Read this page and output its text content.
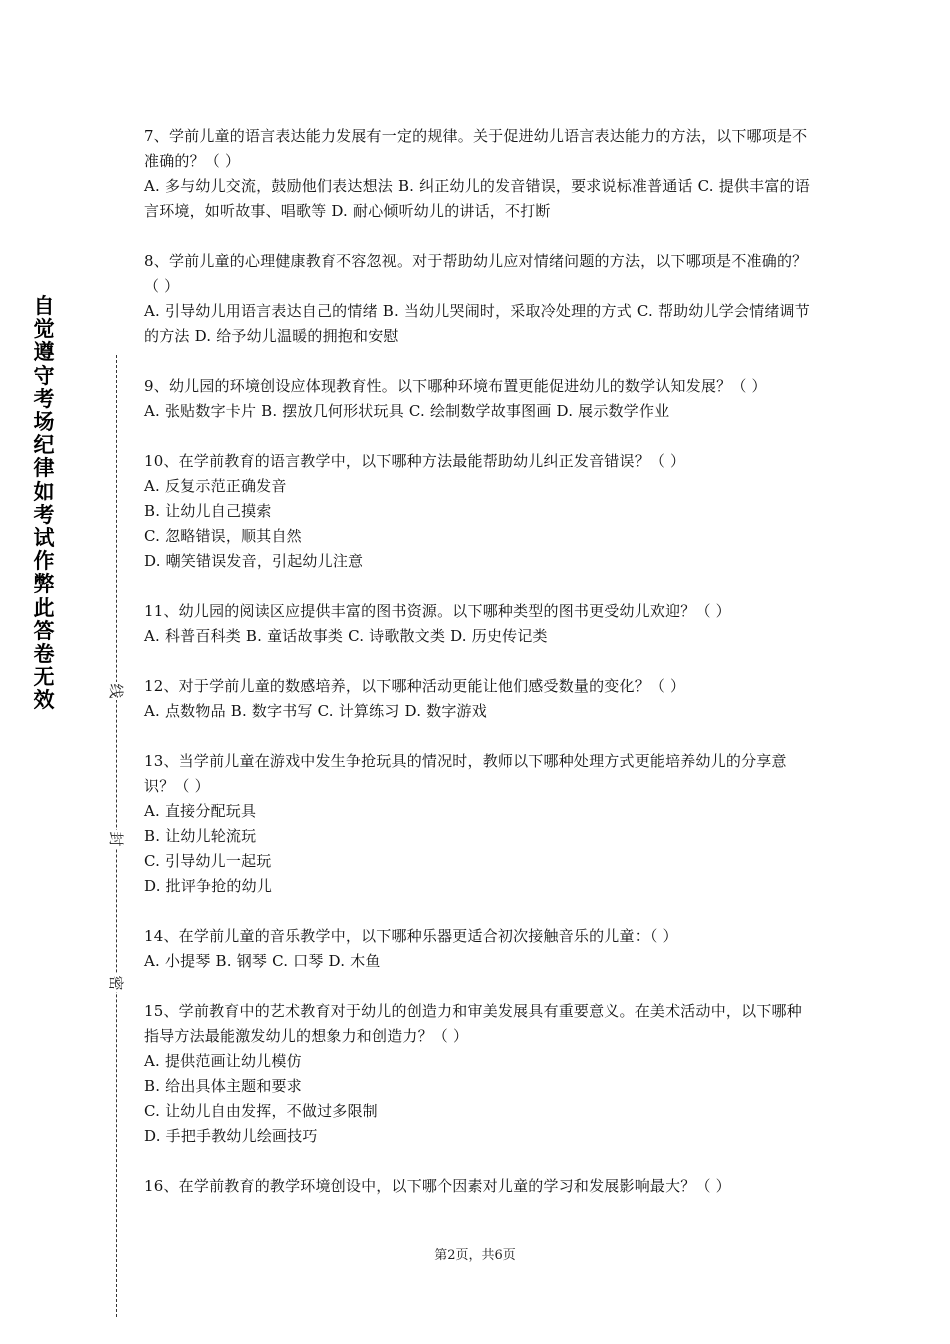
自觉遵守考场纪律如考试作弊此答卷无效	线
封
密

7、学前儿童的语言表达能力发展有一定的规律。关于促进幼儿语言表达能力的方法，以下哪项是不准确的？（ ）

A. 多与幼儿交流，鼓励他们表达想法 B. 纠正幼儿的发音错误，要求说标准普通话 C. 提供丰富的语言环境，如听故事、唱歌等 D. 耐心倾听幼儿的讲话，不打断

8、学前儿童的心理健康教育不容忽视。对于帮助幼儿应对情绪问题的方法，以下哪项是不准确的？（ ）

A. 引导幼儿用语言表达自己的情绪 B. 当幼儿哭闹时，采取冷处理的方式 C. 帮助幼儿学会情绪调节的方法 D. 给予幼儿温暖的拥抱和安慰

9、幼儿园的环境创设应体现教育性。以下哪种环境布置更能促进幼儿的数学认知发展？（ ）

A. 张贴数字卡片 B. 摆放几何形状玩具 C. 绘制数学故事图画 D. 展示数学作业

10、在学前教育的语言教学中，以下哪种方法最能帮助幼儿纠正发音错误？（ ）

A. 反复示范正确发音

B. 让幼儿自己摸索

C. 忽略错误，顺其自然

D. 嘲笑错误发音，引起幼儿注意

11、幼儿园的阅读区应提供丰富的图书资源。以下哪种类型的图书更受幼儿欢迎？（ ）

A. 科普百科类 B. 童话故事类 C. 诗歌散文类 D. 历史传记类

12、对于学前儿童的数感培养，以下哪种活动更能让他们感受数量的变化？（ ）

A. 点数物品 B. 数字书写 C. 计算练习 D. 数字游戏

13、当学前儿童在游戏中发生争抢玩具的情况时，教师以下哪种处理方式更能培养幼儿的分享意识？（ ）

A. 直接分配玩具

B. 让幼儿轮流玩

C. 引导幼儿一起玩

D. 批评争抢的幼儿

14、在学前儿童的音乐教学中，以下哪种乐器更适合初次接触音乐的儿童：（ ）

A. 小提琴 B. 钢琴 C. 口琴 D. 木鱼

15、学前教育中的艺术教育对于幼儿的创造力和审美发展具有重要意义。在美术活动中，以下哪种指导方法最能激发幼儿的想象力和创造力？（ ）

A. 提供范画让幼儿模仿

B. 给出具体主题和要求

C. 让幼儿自由发挥，不做过多限制

D. 手把手教幼儿绘画技巧

16、在学前教育的教学环境创设中，以下哪个因素对儿童的学习和发展影响最大？（ ）

第2页，共6页
